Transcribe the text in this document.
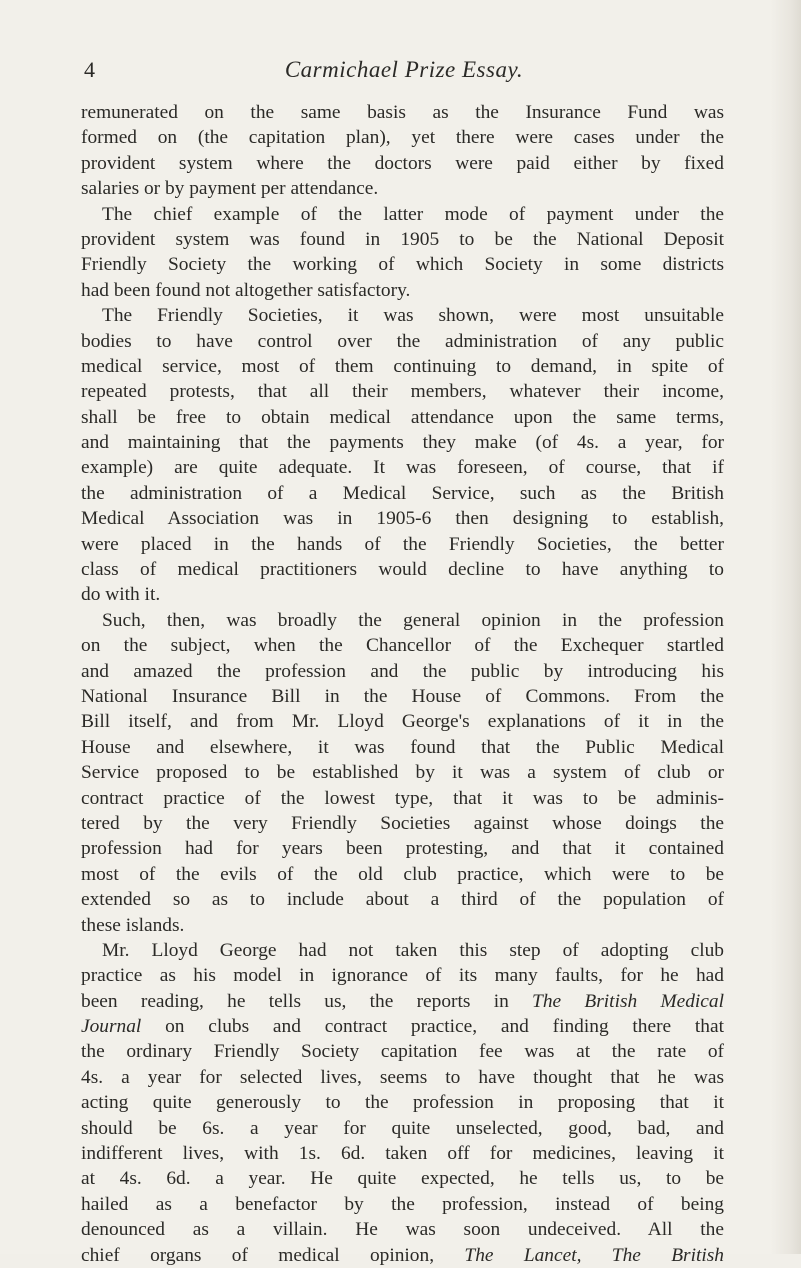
4	Carmichael Prize Essay.
remunerated on the same basis as the Insurance Fund was
formed on (the capitation plan), yet there were cases under the
provident system where the doctors were paid either by fixed
salaries or by payment per attendance.
The chief example of the latter mode of payment under the
provident system was found in 1905 to be the National Deposit
Friendly Society the working of which Society in some districts
had been found not altogether satisfactory.
The Friendly Societies, it was shown, were most unsuitable
bodies to have control over the administration of any public
medical service, most of them continuing to demand, in spite of
repeated protests, that all their members, whatever their income,
shall be free to obtain medical attendance upon the same terms,
and maintaining that the payments they make (of 4s. a year, for
example) are quite adequate. It was foreseen, of course, that if
the administration of a Medical Service, such as the British
Medical Association was in 1905-6 then designing to establish,
were placed in the hands of the Friendly Societies, the better
class of medical practitioners would decline to have anything to
do with it.
Such, then, was broadly the general opinion in the profession
on the subject, when the Chancellor of the Exchequer startled
and amazed the profession and the public by introducing his
National Insurance Bill in the House of Commons. From the
Bill itself, and from Mr. Lloyd George's explanations of it in the
House and elsewhere, it was found that the Public Medical
Service proposed to be established by it was a system of club or
contract practice of the lowest type, that it was to be adminis-
tered by the very Friendly Societies against whose doings the
profession had for years been protesting, and that it contained
most of the evils of the old club practice, which were to be
extended so as to include about a third of the population of
these islands.
Mr. Lloyd George had not taken this step of adopting club
practice as his model in ignorance of its many faults, for he had
been reading, he tells us, the reports in The British Medical
Journal on clubs and contract practice, and finding there that
the ordinary Friendly Society capitation fee was at the rate of
4s. a year for selected lives, seems to have thought that he was
acting quite generously to the profession in proposing that it
should be 6s. a year for quite unselected, good, bad, and
indifferent lives, with 1s. 6d. taken off for medicines, leaving it
at 4s. 6d. a year. He quite expected, he tells us, to be
hailed as a benefactor by the profession, instead of being
denounced as a villain. He was soon undeceived. All the
chief organs of medical opinion, The Lancet, The British
